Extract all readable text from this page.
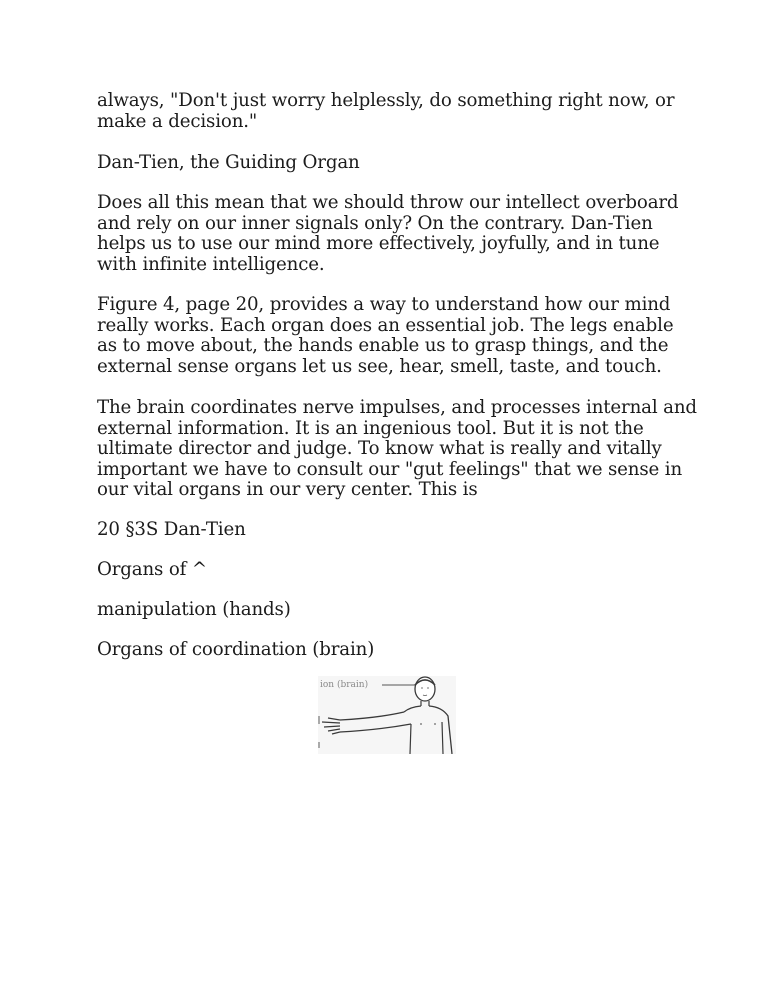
always, "Don't just worry helplessly, do something right now, or make a decision."

Dan-Tien, the Guiding Organ

Does all this mean that we should throw our intellect overboard and rely on our inner signals only? On the contrary. Dan-Tien helps us to use our mind more effectively, joyfully, and in tune with infinite intelligence.

Figure 4, page 20, provides a way to understand how our mind really works. Each organ does an essential job. The legs enable as to move about, the hands enable us to grasp things, and the external sense organs let us see, hear, smell, taste, and touch.

The brain coordinates nerve impulses, and processes internal and external information. It is an ingenious tool. But it is not the ultimate director and judge. To know what is really and vitally important we have to consult our "gut feelings" that we sense in our vital organs in our very center. This is

20 §3S Dan-Tien

Organs of ^

manipulation (hands)

Organs of coordination (brain)

ion (brain)
